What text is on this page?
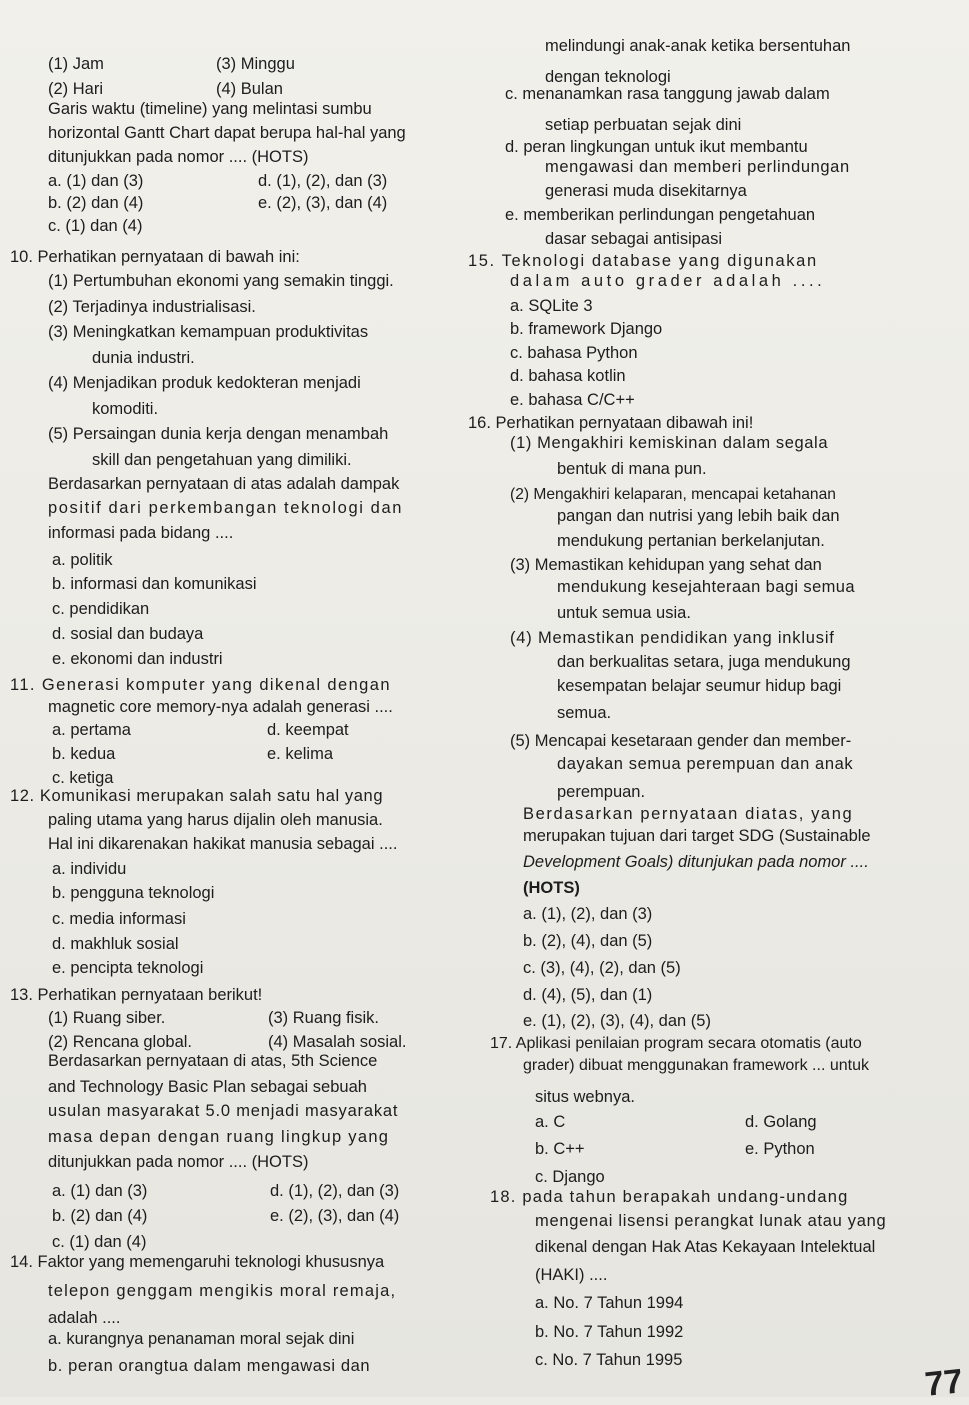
(1) Jam	(3) Minggu
(2) Hari	(4) Bulan
Garis waktu (timeline) yang melintasi sumbu
horizontal Gantt Chart dapat berupa hal-hal yang
ditunjukkan pada nomor .... (HOTS)
a. (1) dan (3)	d. (1), (2), dan (3)
b. (2) dan (4)	e. (2), (3), dan (4)
c. (1) dan (4)
10. Perhatikan pernyataan di bawah ini:
(1) Pertumbuhan ekonomi yang semakin tinggi.
(2) Terjadinya industrialisasi.
(3) Meningkatkan kemampuan produktivitas
dunia industri.
(4) Menjadikan produk kedokteran menjadi
komoditi.
(5) Persaingan dunia kerja dengan menambah
skill dan pengetahuan yang dimiliki.
Berdasarkan pernyataan di atas adalah dampak
positif dari perkembangan teknologi dan
informasi pada bidang ....
a. politik
b. informasi dan komunikasi
c. pendidikan
d. sosial dan budaya
e. ekonomi dan industri
11. Generasi komputer yang dikenal dengan
magnetic core memory-nya adalah generasi ....
a. pertama	d. keempat
b. kedua	e. kelima
c. ketiga
12. Komunikasi merupakan salah satu hal yang
paling utama yang harus dijalin oleh manusia.
Hal ini dikarenakan hakikat manusia sebagai ....
a. individu
b. pengguna teknologi
c. media informasi
d. makhluk sosial
e. pencipta teknologi
13. Perhatikan pernyataan berikut!
(1) Ruang siber.	(3) Ruang fisik.
(2) Rencana global.	(4) Masalah sosial.
Berdasarkan pernyataan di atas, 5th Science
and Technology Basic Plan sebagai sebuah
usulan masyarakat 5.0 menjadi masyarakat
masa depan dengan ruang lingkup yang
ditunjukkan pada nomor .... (HOTS)
a. (1) dan (3)	d. (1), (2), dan (3)
b. (2) dan (4)	e. (2), (3), dan (4)
c. (1) dan (4)
14. Faktor yang memengaruhi teknologi khususnya
telepon genggam mengikis moral remaja,
adalah ....
a. kurangnya penanaman moral sejak dini
b. peran orangtua dalam mengawasi dan
melindungi anak-anak ketika bersentuhan
dengan teknologi
c. menanamkan rasa tanggung jawab dalam
setiap perbuatan sejak dini
d. peran lingkungan untuk ikut membantu
mengawasi dan memberi perlindungan
generasi muda disekitarnya
e. memberikan perlindungan pengetahuan
dasar sebagai antisipasi
15. Teknologi database yang digunakan
dalam auto grader adalah ....
a. SQLite 3
b. framework Django
c. bahasa Python
d. bahasa kotlin
e. bahasa C/C++
16. Perhatikan pernyataan dibawah ini!
(1) Mengakhiri kemiskinan dalam segala
bentuk di mana pun.
(2) Mengakhiri kelaparan, mencapai ketahanan
pangan dan nutrisi yang lebih baik dan
mendukung pertanian berkelanjutan.
(3) Memastikan kehidupan yang sehat dan
mendukung kesejahteraan bagi semua
untuk semua usia.
(4) Memastikan pendidikan yang inklusif
dan berkualitas setara, juga mendukung
kesempatan belajar seumur hidup bagi
semua.
(5) Mencapai kesetaraan gender dan member-
dayakan semua perempuan dan anak
perempuan.
Berdasarkan pernyataan diatas, yang
merupakan tujuan dari target SDG (Sustainable
Development Goals) ditunjukan pada nomor ....
(HOTS)
a. (1), (2), dan (3)
b. (2), (4), dan (5)
c. (3), (4), (2), dan (5)
d. (4), (5), dan (1)
e. (1), (2), (3), (4), dan (5)
17. Aplikasi penilaian program secara otomatis (auto
grader) dibuat menggunakan framework ... untuk
situs webnya.
a. C	d. Golang
b. C++	e. Python
c. Django
18. pada tahun berapakah undang-undang
mengenai lisensi perangkat lunak atau yang
dikenal dengan Hak Atas Kekayaan Intelektual
(HAKI) ....
a. No. 7 Tahun 1994
b. No. 7 Tahun 1992
c. No. 7 Tahun 1995
77
